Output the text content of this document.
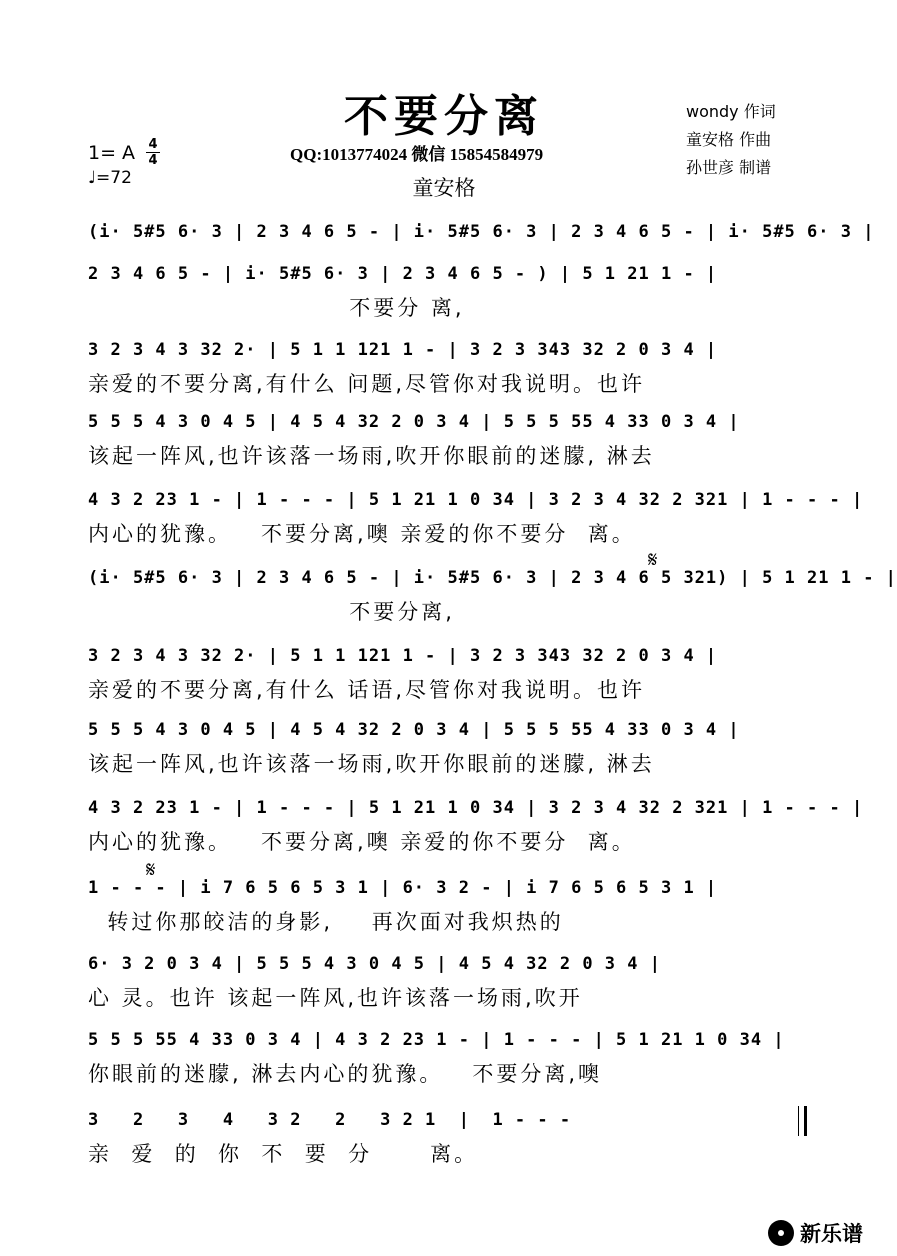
不要分离
QQ:1013774024 微信 15854584979
童安格
wondy 作词
童安格 作曲
孙世彦 制谱
1= A 4
4
♩=72
(i· 5#5 6· 3 | 2 3 4 6 5 - | i· 5#5 6· 3 | 2 3 4 6 5 - | i· 5#5 6· 3 |
2 3 4 6 5 - | i· 5#5 6· 3 | 2 3 4 6 5 - ) | 5 1 21 1 - |
不要分 离,
3 2 3 4 3 32 2· | 5 1 1 121 1 - | 3 2 3 343 32 2 0 3 4 |
亲爱的不要分离,有什么 问题,尽管你对我说明。也许
5 5 5 4 3 0 4 5 | 4 5 4 32 2 0 3 4 | 5 5 5 55 4 33 0 3 4 |
该起一阵风,也许该落一场雨,吹开你眼前的迷朦, 淋去
4 3 2 23 1 - | 1 - - - | 5 1 21 1 0 34 | 3 2 3 4 32 2 321 | 1 - - - |
内心的犹豫。   不要分离,噢 亲爱的你不要分  离。
𝄋
(i· 5#5 6· 3 | 2 3 4 6 5 - | i· 5#5 6· 3 | 2 3 4 6 5 321) | 5 1 21 1 - |
不要分离,
3 2 3 4 3 32 2· | 5 1 1 121 1 - | 3 2 3 343 32 2 0 3 4 |
亲爱的不要分离,有什么 话语,尽管你对我说明。也许
5 5 5 4 3 0 4 5 | 4 5 4 32 2 0 3 4 | 5 5 5 55 4 33 0 3 4 |
该起一阵风,也许该落一场雨,吹开你眼前的迷朦, 淋去
4 3 2 23 1 - | 1 - - - | 5 1 21 1 0 34 | 3 2 3 4 32 2 321 | 1 - - - |
内心的犹豫。   不要分离,噢 亲爱的你不要分  离。
𝄋
1 - - - | i 7 6 5 6 5 3 1 | 6· 3 2 - | i 7 6 5 6 5 3 1 |
转过你那皎洁的身影,    再次面对我炽热的
6· 3 2 0 3 4 | 5 5 5 4 3 0 4 5 | 4 5 4 32 2 0 3 4 |
心 灵。也许 该起一阵风,也许该落一场雨,吹开
5 5 5 55 4 33 0 3 4 | 4 3 2 23 1 - | 1 - - - | 5 1 21 1 0 34 |
你眼前的迷朦, 淋去内心的犹豫。   不要分离,噢
3   2   3   4   3 2   2   3 2 1  |  1 - - -
亲  爱  的  你  不  要  分      离。
新乐谱
